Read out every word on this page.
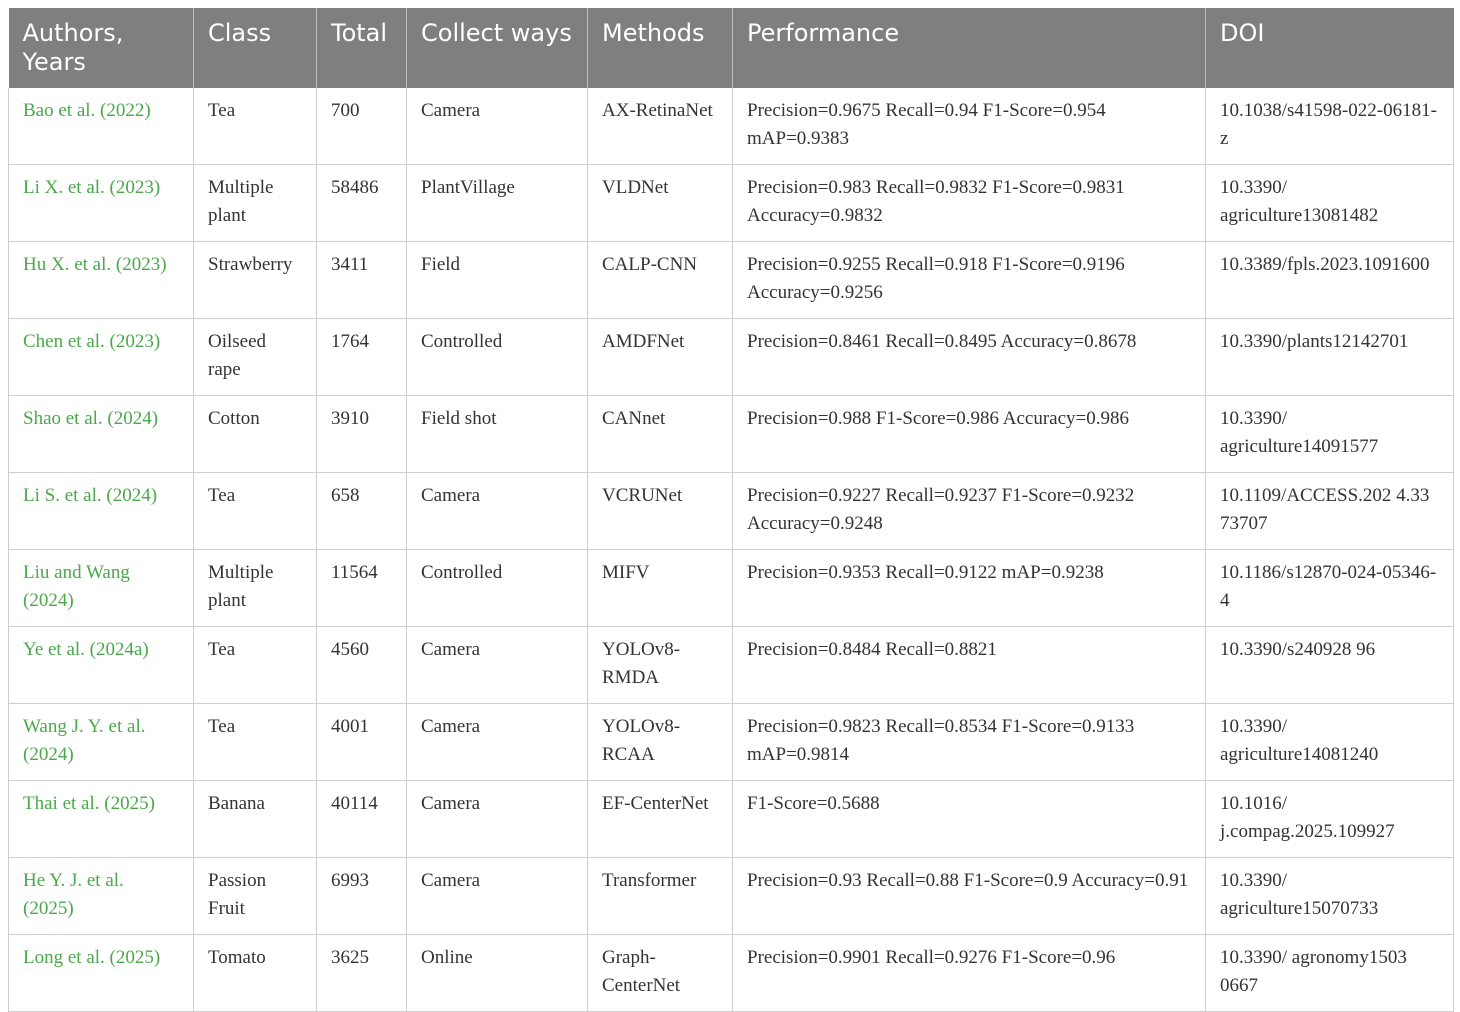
Authors, Years	Class	Total	Collect ways	Methods	Performance	DOI
Bao et al. (2022)	Tea	700	Camera	AX-RetinaNet	Precision=0.9675 Recall=0.94 F1-Score=0.954 mAP=0.9383	10.1038/s41598-022-06181-z
Li X. et al. (2023)	Multiple plant	58486	PlantVillage	VLDNet	Precision=0.983 Recall=0.9832 F1-Score=0.9831 Accuracy=0.9832	10.3390/ agriculture13081482
Hu X. et al. (2023)	Strawberry	3411	Field	CALP-CNN	Precision=0.9255 Recall=0.918 F1-Score=0.9196 Accuracy=0.9256	10.3389/fpls.2023.1091600
Chen et al. (2023)	Oilseed rape	1764	Controlled	AMDFNet	Precision=0.8461 Recall=0.8495 Accuracy=0.8678	10.3390/plants12142701
Shao et al. (2024)	Cotton	3910	Field shot	CANnet	Precision=0.988 F1-Score=0.986 Accuracy=0.986	10.3390/ agriculture14091577
Li S. et al. (2024)	Tea	658	Camera	VCRUNet	Precision=0.9227 Recall=0.9237 F1-Score=0.9232 Accuracy=0.9248	10.1109/ACCESS.202 4.33 73707
Liu and Wang (2024)	Multiple plant	11564	Controlled	MIFV	Precision=0.9353 Recall=0.9122 mAP=0.9238	10.1186/s12870-024-05346-4
Ye et al. (2024a)	Tea	4560	Camera	YOLOv8-RMDA	Precision=0.8484 Recall=0.8821	10.3390/s240928 96
Wang J. Y. et al. (2024)	Tea	4001	Camera	YOLOv8-RCAA	Precision=0.9823 Recall=0.8534 F1-Score=0.9133 mAP=0.9814	10.3390/ agriculture14081240
Thai et al. (2025)	Banana	40114	Camera	EF-CenterNet	F1-Score=0.5688	10.1016/ j.compag.2025.109927
He Y. J. et al. (2025)	Passion Fruit	6993	Camera	Transformer	Precision=0.93 Recall=0.88 F1-Score=0.9 Accuracy=0.91	10.3390/ agriculture15070733
Long et al. (2025)	Tomato	3625	Online	Graph-CenterNet	Precision=0.9901 Recall=0.9276 F1-Score=0.96	10.3390/ agronomy1503 0667
